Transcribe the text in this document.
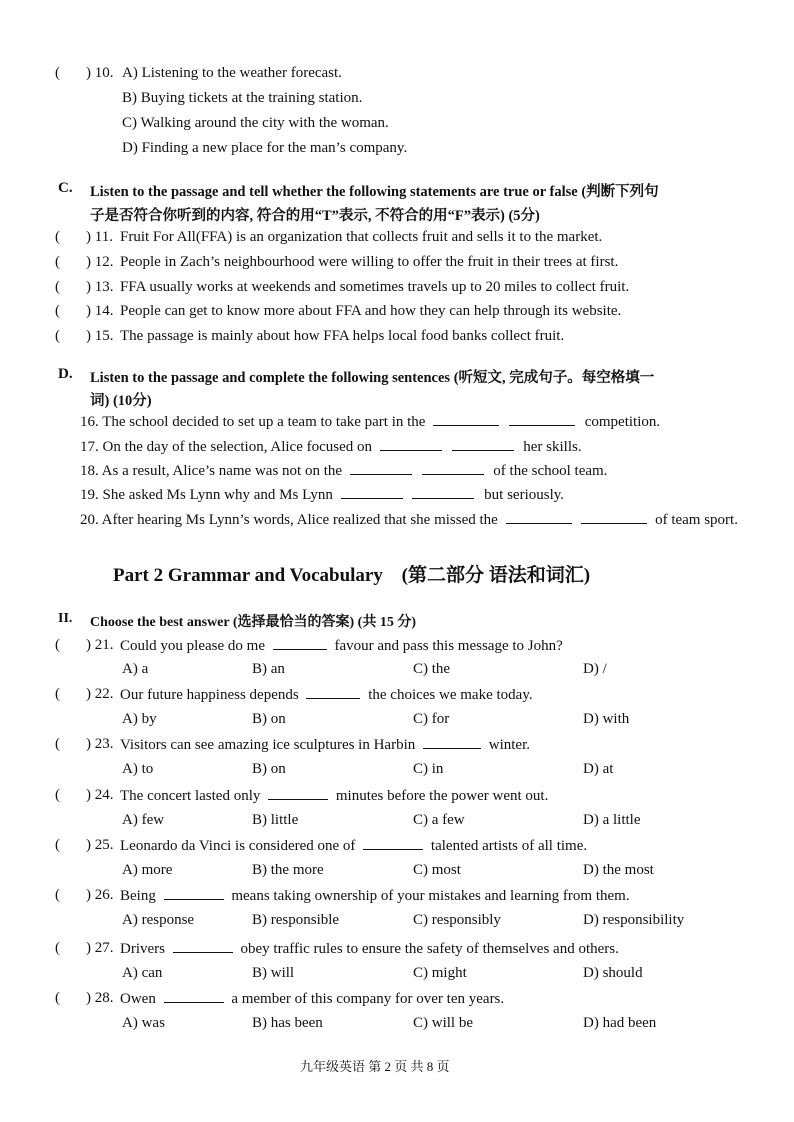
( ) 10. A) Listening to the weather forecast.
B) Buying tickets at the training station.
C) Walking around the city with the woman.
D) Finding a new place for the man’s company.
C. Listen to the passage and tell whether the following statements are true or false (判断下列句
子是否符合你听到的内容, 符合的用“T”表示, 不符合的用“F”表示) (5分)
( ) 11. Fruit For All(FFA) is an organization that collects fruit and sells it to the market.
( ) 12. People in Zach’s neighbourhood were willing to offer the fruit in their trees at first.
( ) 13. FFA usually works at weekends and sometimes travels up to 20 miles to collect fruit.
( ) 14. People can get to know more about FFA and how they can help through its website.
( ) 15. The passage is mainly about how FFA helps local food banks collect fruit.
D. Listen to the passage and complete the following sentences (听短文, 完成句子。每空格填一
词) (10分)
16. The school decided to set up a team to take part in the	competition.
17. On the day of the selection, Alice focused on	her skills.
18. As a result, Alice’s name was not on the	of the school team.
19. She asked Ms Lynn why and Ms Lynn	but seriously.
20. After hearing Ms Lynn’s words, Alice realized that she missed the	of team sport.
Part 2 Grammar and Vocabulary (第二部分 语法和词汇)
II. Choose the best answer (选择最恰当的答案) (共 15 分)
( ) 21. Could you please do me	favour and pass this message to John?
A) a	B) an	C) the	D) /
( ) 22. Our future happiness depends	the choices we make today.
A) by	B) on	C) for	D) with
( ) 23. Visitors can see amazing ice sculptures in Harbin	winter.
A) to	B) on	C) in	D) at
( ) 24. The concert lasted only	minutes before the power went out.
A) few	B) little	C) a few	D) a little
( ) 25. Leonardo da Vinci is considered one of	talented artists of all time.
A) more	B) the more	C) most	D) the most
( ) 26. Being	means taking ownership of your mistakes and learning from them.
A) response	B) responsible	C) responsibly	D) responsibility
( ) 27. Drivers	obey traffic rules to ensure the safety of themselves and others.
A) can	B) will	C) might	D) should
( ) 28. Owen	a member of this company for over ten years.
A) was	B) has been	C) will be	D) had been
九年级英语 第 2 页 共 8 页
